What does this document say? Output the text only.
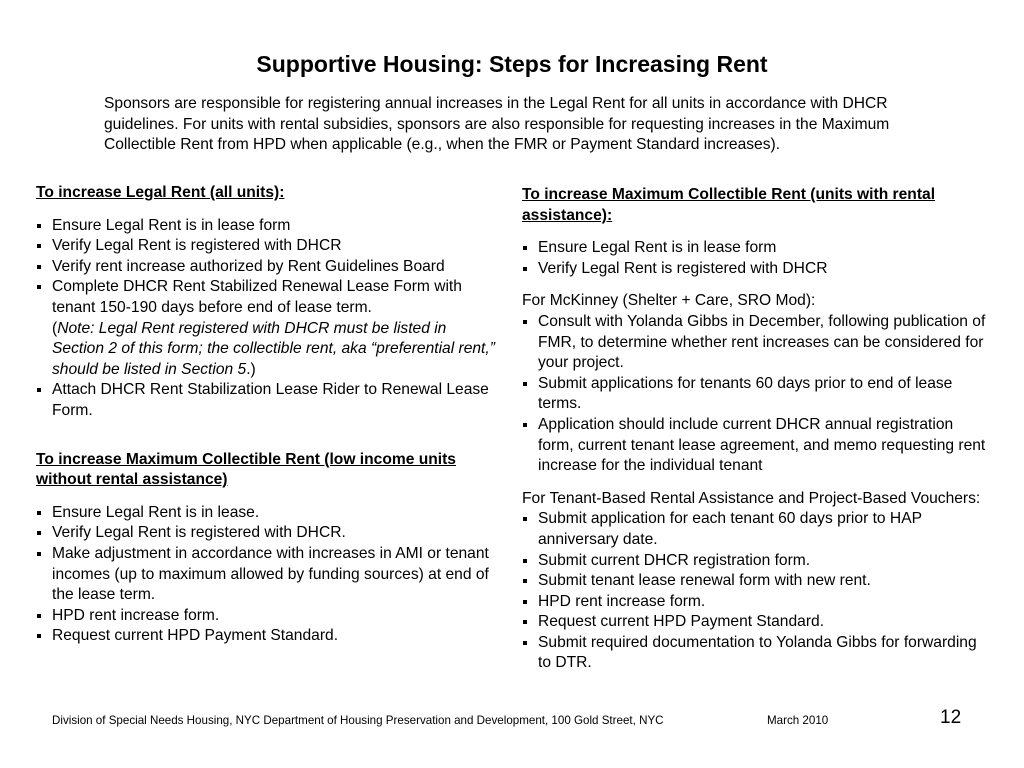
Supportive Housing: Steps for Increasing Rent
Sponsors are responsible for registering annual increases in the Legal Rent for all units in accordance with DHCR guidelines. For units with rental subsidies, sponsors are also responsible for requesting increases in the Maximum Collectible Rent from HPD when applicable (e.g., when the FMR or Payment Standard increases).
To increase Legal Rent (all units):
Ensure Legal Rent is in lease form
Verify Legal Rent is registered with DHCR
Verify rent increase authorized by Rent Guidelines Board
Complete DHCR Rent Stabilized Renewal Lease Form with tenant 150-190 days before end of lease term.
(Note: Legal Rent registered with DHCR must be listed in Section 2 of this form; the collectible rent, aka “preferential rent,” should be listed in Section 5.)
Attach DHCR Rent Stabilization Lease Rider to Renewal Lease Form.
To increase Maximum Collectible Rent (low income units without rental assistance)
Ensure Legal Rent is in lease.
Verify Legal Rent is registered with DHCR.
Make adjustment in accordance with increases in AMI or tenant incomes (up to maximum allowed by funding sources) at end of the lease term.
HPD rent increase form.
Request current HPD Payment Standard.
To increase Maximum Collectible Rent (units with rental assistance):
Ensure Legal Rent is in lease form
Verify Legal Rent is registered with DHCR
For McKinney (Shelter + Care, SRO Mod):
Consult with Yolanda Gibbs in December, following publication of FMR, to determine whether rent increases can be considered for your project.
Submit applications for tenants 60 days prior to end of lease terms.
Application should include current DHCR annual registration form, current tenant lease agreement, and memo requesting rent increase for the individual tenant
For Tenant-Based Rental Assistance and Project-Based Vouchers:
Submit application for each tenant 60 days prior to HAP anniversary date.
Submit current DHCR registration form.
Submit tenant lease renewal form with new rent.
HPD rent increase form.
Request current HPD Payment Standard.
Submit required documentation to Yolanda Gibbs for forwarding to DTR.
Division of Special Needs Housing, NYC Department of Housing Preservation and Development, 100 Gold Street, NYC	March 2010	12
